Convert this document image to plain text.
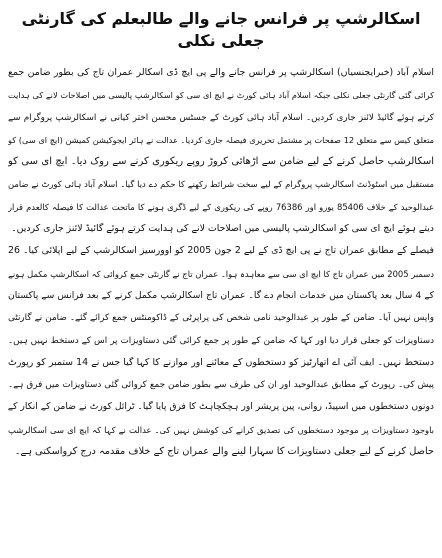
اسکالرشپ پر فرانس جانے والے طالبعلم کی گارنٹی جعلی نکلی
اسلام آباد (خبرایجنسیاں) اسکالرشپ پر فرانس جانے والے پی ایچ ڈی اسکالر عمران تاج کی بطور ضامن جمع
کرائی گئی گارنٹی جعلی نکلی جبکہ اسلام آباد ہائی کورٹ نے ایچ ای سی کو اسکالرشپ پالیسی میں اصلاحات لانے کی ہدایت
کرتے ہوئے گائیڈ لائنز جاری کردیں۔ اسلام آباد ہائی کورٹ کے جسٹس محسن اختر کیانی نے اسکالرشپ پروگرام سے
متعلق کیس سے متعلق 12 صفحات پر مشتمل تحریری فیصلہ جاری کردیا۔ عدالت نے ہائر ایجوکیشن کمیشن (ایچ ای سی) کو
اسکالرشپ حاصل کرنے کے لیے ضامن سے اڑھائی کروڑ روپے ریکوری کرنے سے روک دیا۔ ایچ ای سی کو
مستقبل میں اسٹوڈنٹ اسکالرشپ پروگرام کے لیے سخت شرائط رکھنے کا حکم دے دیا گیا۔ اسلام آباد ہائی کورٹ نے ضامن
عبدالوحید کے خلاف 85406 یورو اور 76386 روپے کی ریکوری کے لیے ڈگری ہونے کا ماتحت عدالت کا فیصلہ کالعدم قرار
دیتے ہوئے ایچ ای سی کو اسکالرشپ پالیسی میں اصلاحات لانے کی ہدایت کرتے ہوئے گائیڈ لائنز جاری کردیں۔
فیصلے کے مطابق عمران تاج نے پی ایچ ڈی کے لیے 2 جون 2005 کو اوورسیز اسکالرشپ کے لیے اپلائی کیا۔ 26
دسمبر 2005 میں عمران تاج کا ایچ ای سی سے معاہدہ ہوا۔ عمران تاج نے گارنٹی جمع کروائی کہ اسکالرشپ مکمل ہونے
کے 4 سال بعد پاکستان میں خدمات انجام دے گا۔ عمران تاج اسکالرشپ مکمل کرنے کے بعد فرانس سے پاکستان
واپس نہیں آیا۔ ضامن کے طور پر عبدالوحید نامی شخص کی پراپرٹی کے ڈاکومنٹس جمع کرائے گئے۔ ضامن نے گارنٹی
دستاویزات کو جعلی قرار دیا اور کہا کہ ضامن کے طور پر جمع کرائی گئی دستاویزات پر اس کے دستخط نہیں ہیں۔
دستخط نہیں۔ ایف آئی اے اتھارٹیز کو دستخطوں کے معائنے اور موازنے کا کہا گیا جس نے 14 ستمبر کو رپورٹ
پیش کی۔ رپورٹ کے مطابق عبدالوحید اور ان کی طرف سے بطور ضامن جمع کروائی گئی دستاویزات میں فرق ہے۔
دونوں دستخطوں میں اسپیڈ، روانی، پین پریشر اور ہچکچاہٹ کا فرق پایا گیا۔ ٹرائل کورٹ نے ضامن کے انکار کے
باوجود دستاویزات پر موجود دستخطوں کی تصدیق کرانے کی کوشش نہیں کی۔ عدالت نے کہا کہ ایچ ای سی اسکالرشپ
حاصل کرنے کے لیے جعلی دستاویزات کا سہارا لینے والے عمران تاج کے خلاف مقدمہ درج کرواسکتی ہے۔
